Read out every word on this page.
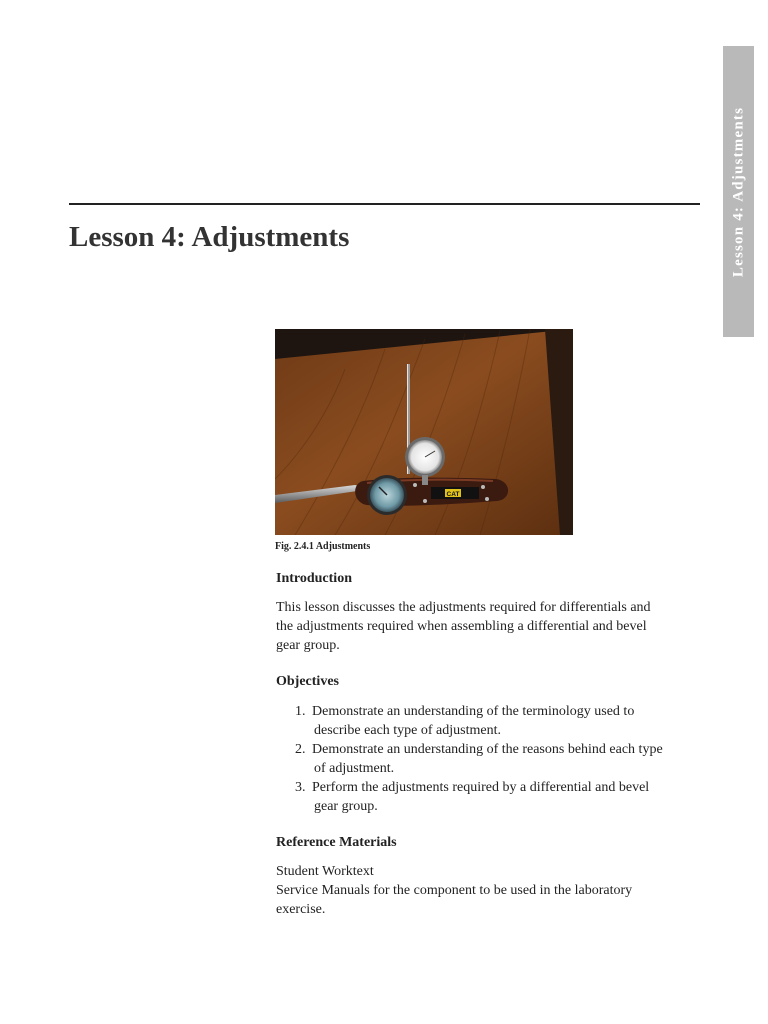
Lesson 4: Adjustments
Lesson 4: Adjustments
CAT
Fig. 2.4.1 Adjustments
Introduction

This lesson discusses the adjustments required for differentials and
the adjustments required when assembling a differential and bevel
gear group.

Objectives
1. Demonstrate an understanding of the terminology used to
describe each type of adjustment.
2. Demonstrate an understanding of the reasons behind each type
of adjustment.
3. Perform the adjustments required by a differential and bevel
gear group.
Reference Materials

Student Worktext
Service Manuals for the component to be used in the laboratory
exercise.
